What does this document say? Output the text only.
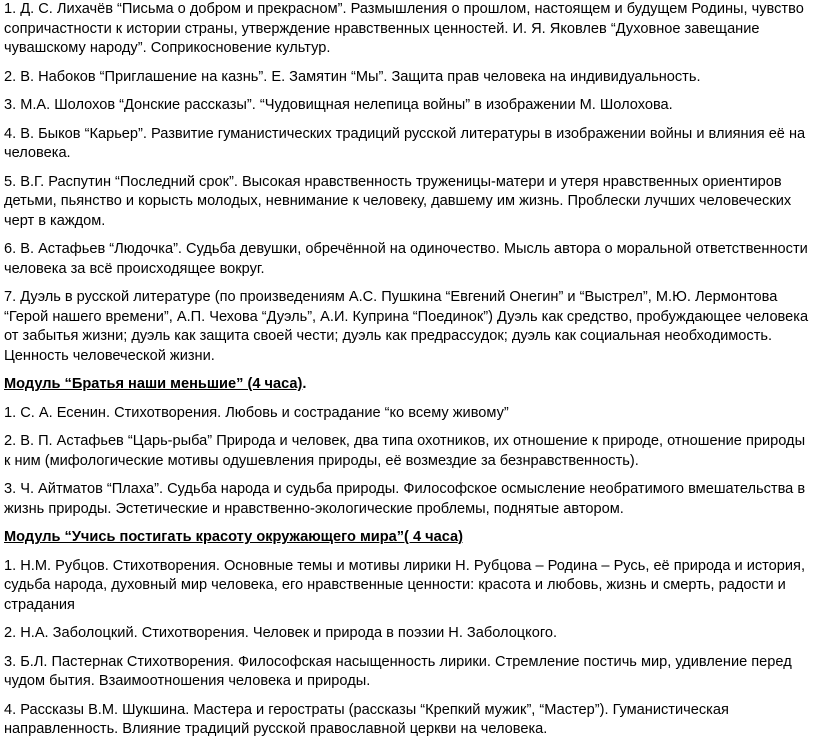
1. Д. С. Лихачёв “Письма о добром и прекрасном”. Размышления о прошлом, настоящем и будущем Родины, чувство сопричастности к истории страны, утверждение нравственных ценностей. И. Я. Яковлев “Духовное завещание чувашскому народу”. Соприкосновение культур.

2. В. Набоков “Приглашение на казнь”. Е. Замятин “Мы”. Защита прав человека на индивидуальность.

3. М.А. Шолохов “Донские рассказы”. “Чудовищная нелепица войны” в изображении М. Шолохова.

4. В. Быков “Карьер”. Развитие гуманистических традиций русской литературы в изображении войны и влияния её на человека.

5. В.Г. Распутин “Последний срок”. Высокая нравственность труженицы-матери и утеря нравственных ориентиров детьми, пьянство и корысть молодых, невнимание к человеку, давшему им жизнь. Проблески лучших человеческих черт в каждом.

6. В. Астафьев “Людочка”. Судьба девушки, обречённой на одиночество. Мысль автора о моральной ответственности человека за всё происходящее вокруг.

7. Дуэль в русской литературе (по произведениям А.С. Пушкина “Евгений Онегин” и “Выстрел”, М.Ю. Лермонтова “Герой нашего времени”, А.П. Чехова “Дуэль”, А.И. Куприна “Поединок”) Дуэль как средство, пробуждающее человека от забытья жизни; дуэль как защита своей чести; дуэль как предрассудок; дуэль как социальная необходимость. Ценность человеческой жизни.

Модуль “Братья наши меньшие” (4 часа).

1. С. А. Есенин. Стихотворения. Любовь и сострадание “ко всему живому”

2. В. П. Астафьев “Царь-рыба” Природа и человек, два типа охотников, их отношение к природе, отношение природы к ним (мифологические мотивы одушевления природы, её возмездие за безнравственность).

3. Ч. Айтматов “Плаха”. Судьба народа и судьба природы. Философское осмысление необратимого вмешательства в жизнь природы. Эстетические и нравственно-экологические проблемы, поднятые автором.

Модуль “Учись постигать красоту окружающего мира”( 4 часа)

1. Н.М. Рубцов. Стихотворения. Основные темы и мотивы лирики Н. Рубцова – Родина – Русь, её природа и история, судьба народа, духовный мир человека, его нравственные ценности: красота и любовь, жизнь и смерть, радости и страдания

2. Н.А. Заболоцкий. Стихотворения. Человек и природа в поэзии Н. Заболоцкого.

3. Б.Л. Пастернак Стихотворения. Философская насыщенность лирики. Стремление постичь мир, удивление перед чудом бытия. Взаимоотношения человека и природы.

4. Рассказы В.М. Шукшина. Мастера и геростраты (рассказы “Крепкий мужик”, “Мастер”). Гуманистическая направленность. Влияние традиций русской православной церкви на человека.
